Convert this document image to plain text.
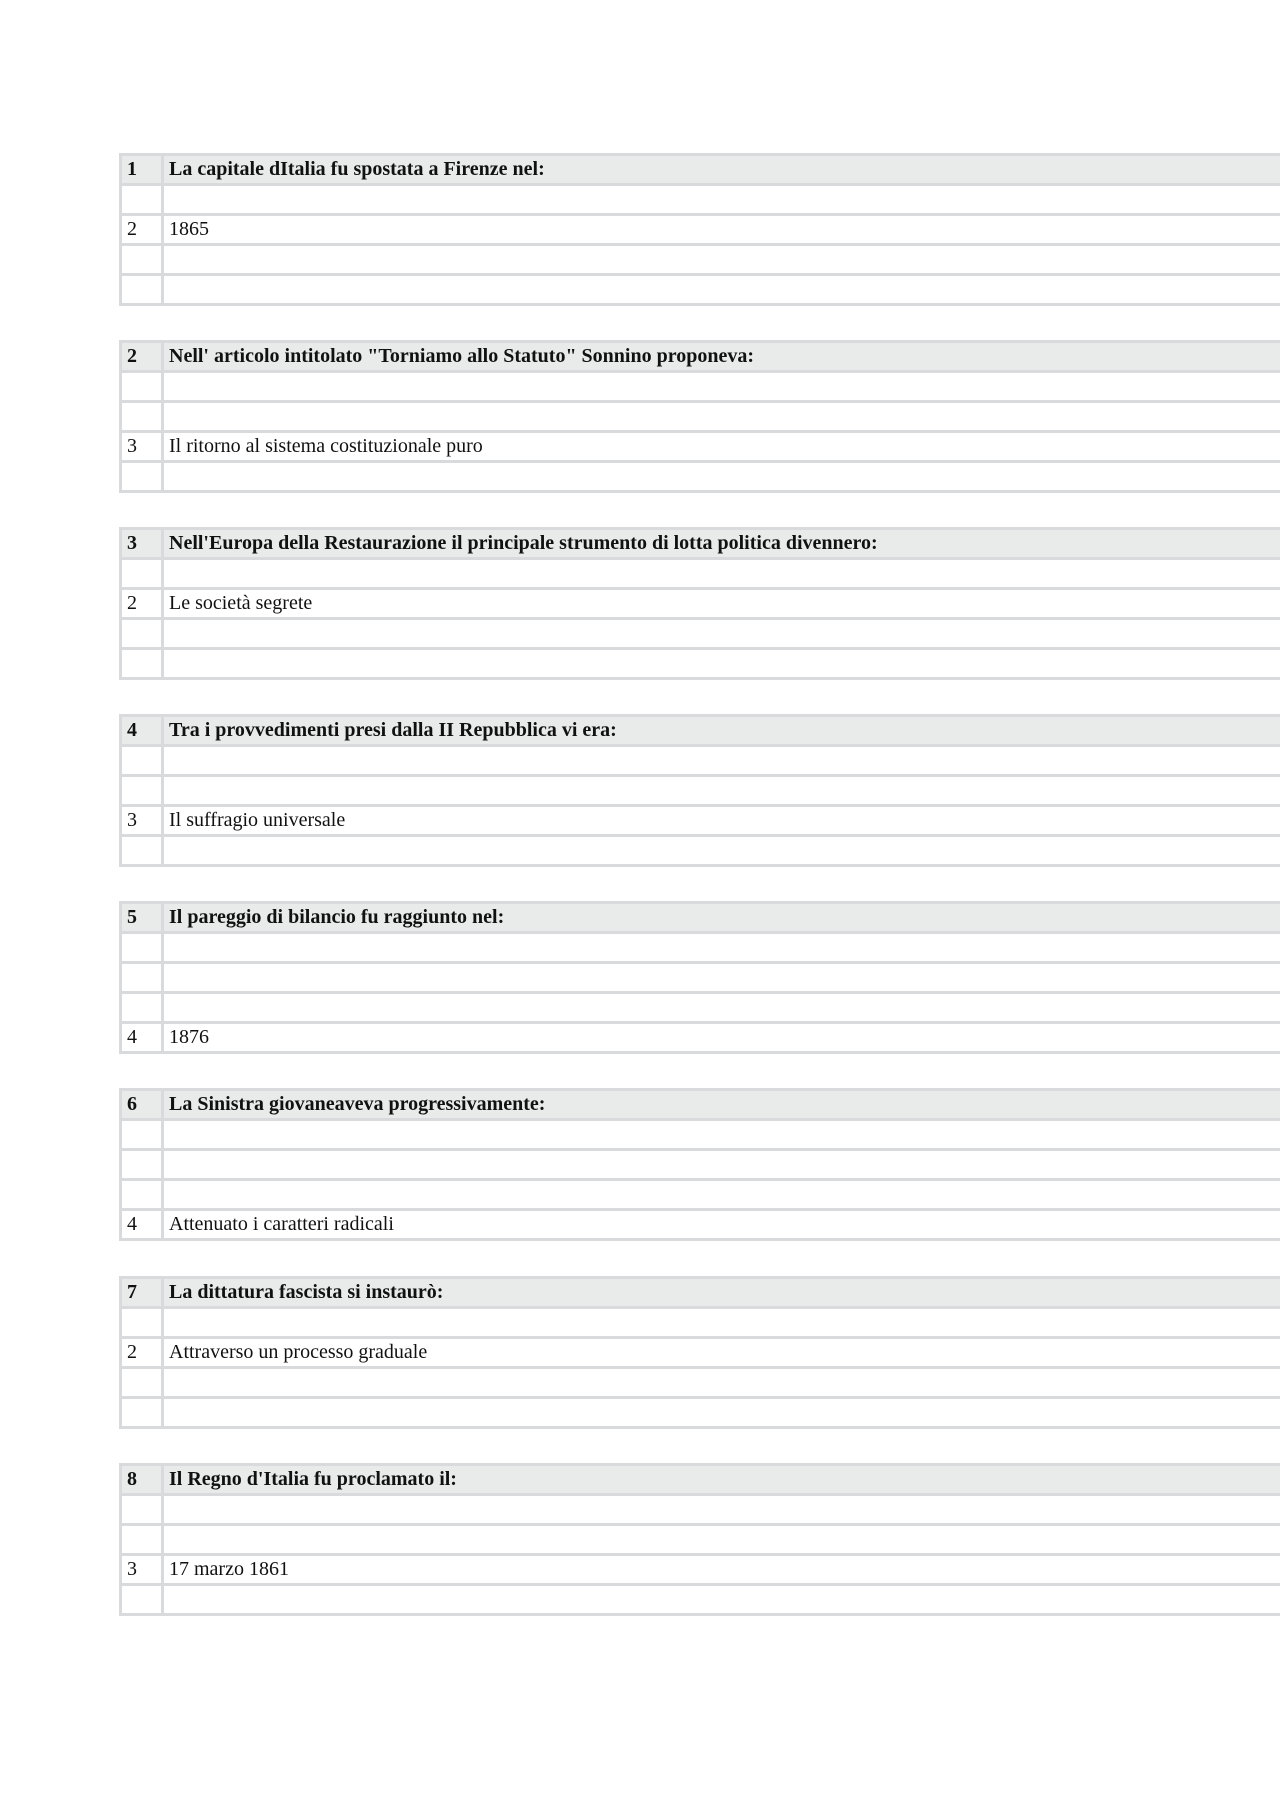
1	La capitale dItalia fu spostata a Firenze nel:
2	1865
2	Nell' articolo intitolato "Torniamo allo Statuto" Sonnino proponeva:
3	Il ritorno al sistema costituzionale puro
3	Nell'Europa della Restaurazione il principale strumento di lotta politica divennero:
2	Le società segrete
4	Tra i provvedimenti presi dalla II Repubblica vi era:
3	Il suffragio universale
5	Il pareggio di bilancio fu raggiunto nel:
4	1876
6	La Sinistra giovaneaveva progressivamente:
4	Attenuato i caratteri radicali
7	La dittatura fascista si instaurò:
2	Attraverso un processo graduale
8	Il Regno d'Italia fu proclamato il:
3	17 marzo 1861
